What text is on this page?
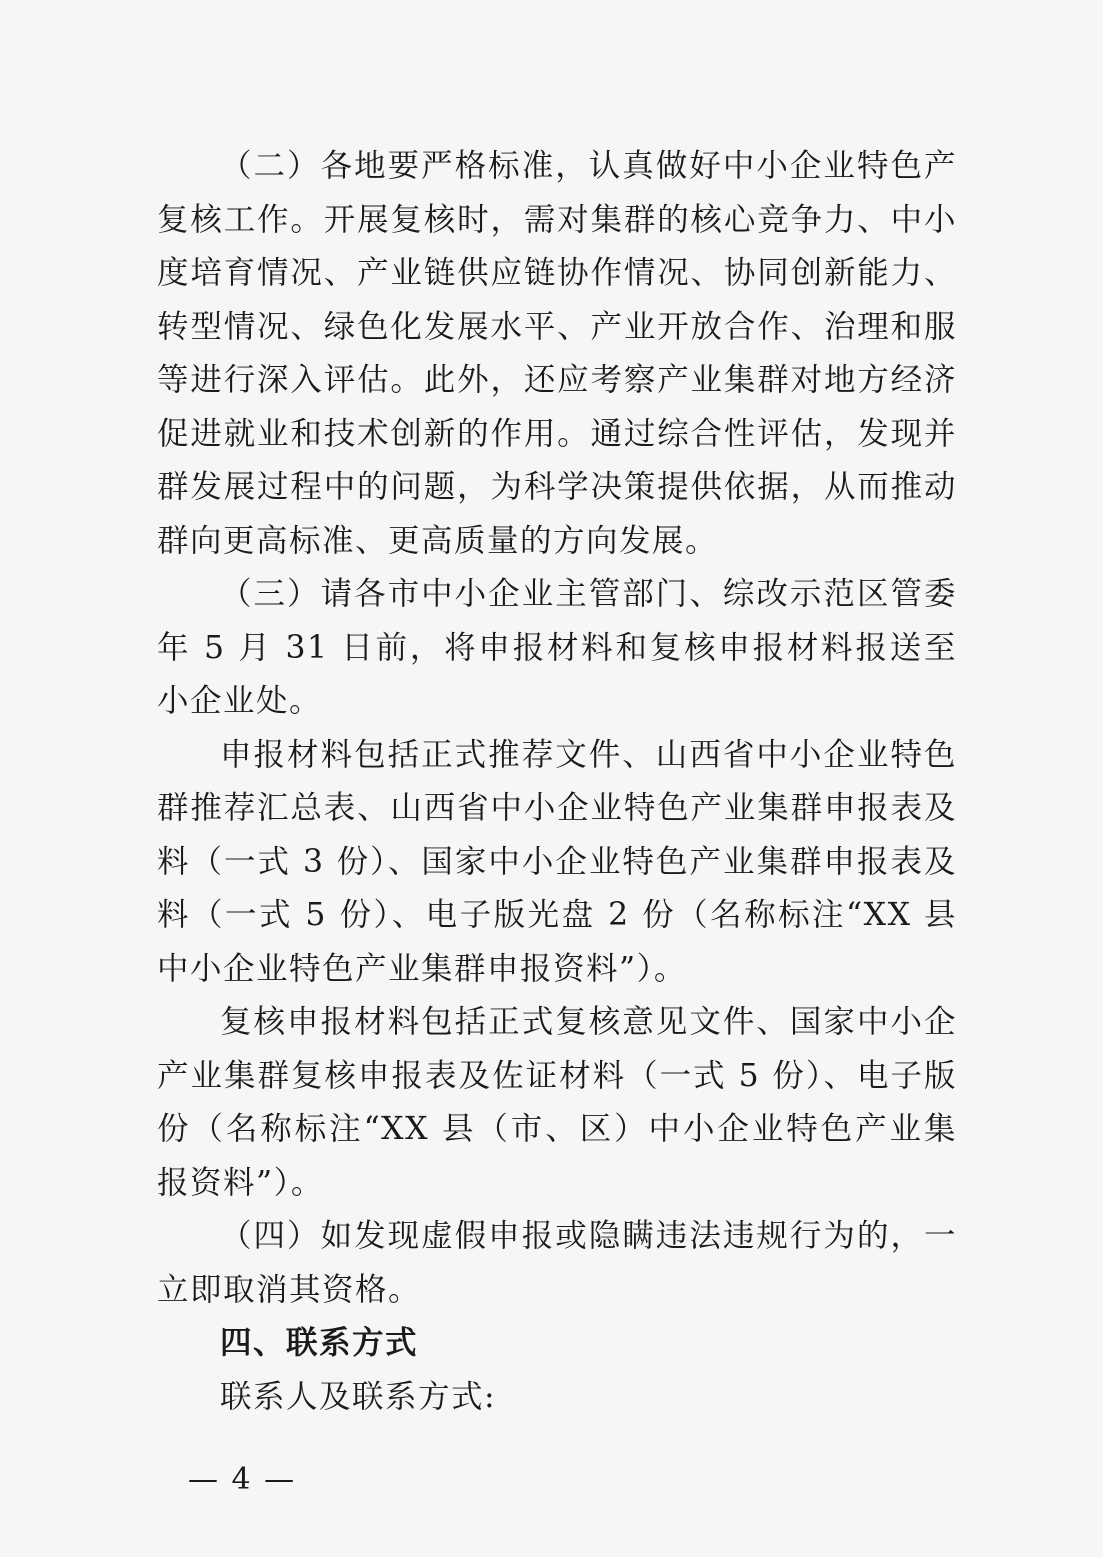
（二）各地要严格标准，认真做好中小企业特色产
复核工作。开展复核时，需对集群的核心竞争力、中小
度培育情况、产业链供应链协作情况、协同创新能力、
转型情况、绿色化发展水平、产业开放合作、治理和服
等进行深入评估。此外，还应考察产业集群对地方经济
促进就业和技术创新的作用。通过综合性评估，发现并
群发展过程中的问题，为科学决策提供依据，从而推动
群向更高标准、更高质量的方向发展。
（三）请各市中小企业主管部门、综改示范区管委
年 5 月 31 日前，将申报材料和复核申报材料报送至
小企业处。
申报材料包括正式推荐文件、山西省中小企业特色
群推荐汇总表、山西省中小企业特色产业集群申报表及
料（一式 3 份）、国家中小企业特色产业集群申报表及
料（一式 5 份）、电子版光盘 2 份（名称标注“XX 县
中小企业特色产业集群申报资料”）。
复核申报材料包括正式复核意见文件、国家中小企
产业集群复核申报表及佐证材料（一式 5 份）、电子版
份（名称标注“XX 县（市、区）中小企业特色产业集
报资料”）。
（四）如发现虚假申报或隐瞒违法违规行为的，一
立即取消其资格。
四、联系方式
联系人及联系方式:
— 4 —
